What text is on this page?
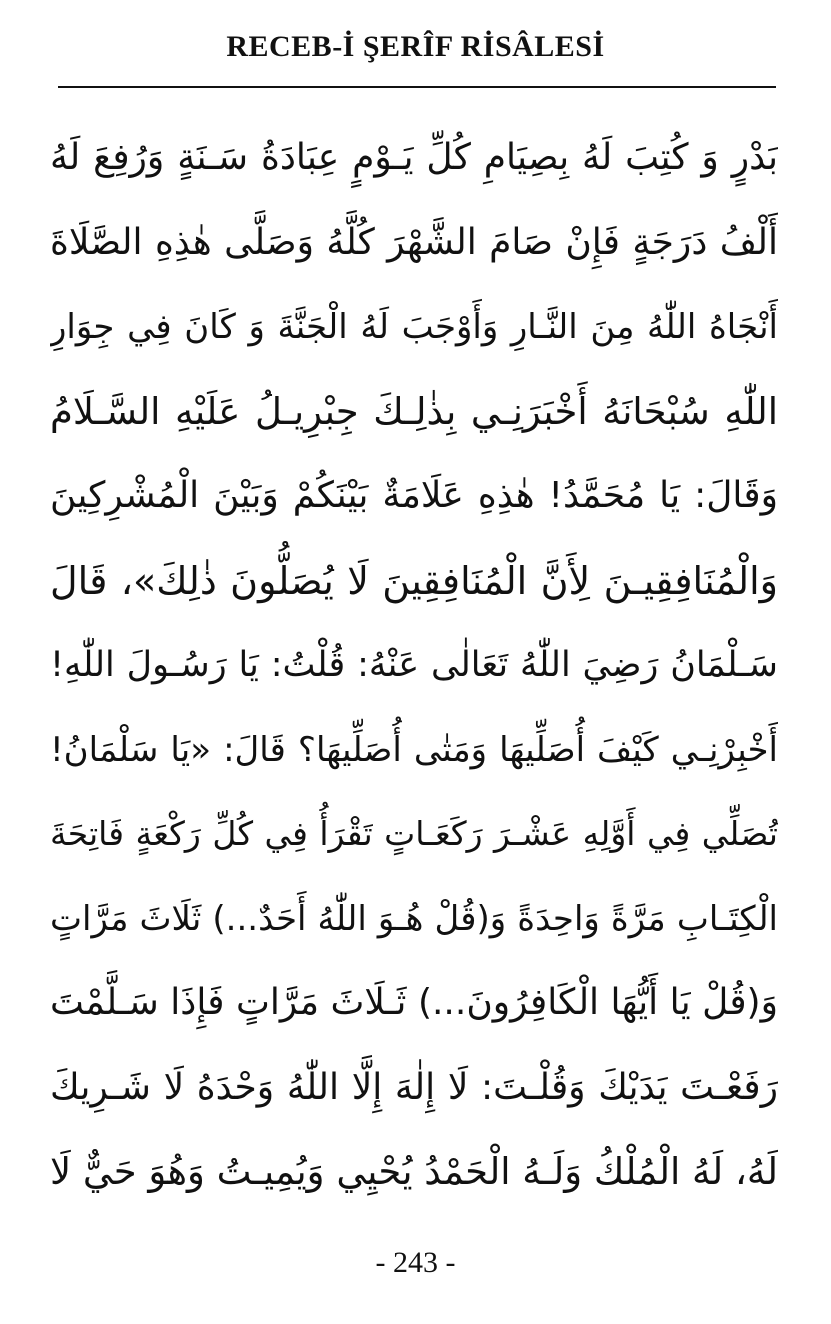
RECEB-İ ŞERÎF RİSÂLESİ
بَدْرٍ وَ كُتِبَ لَهُ بِصِيَامِ كُلِّ يَـوْمٍ عِبَادَةُ سَـنَةٍ وَرُفِعَ لَهُ
أَلْفُ دَرَجَةٍ فَإِنْ صَامَ الشَّهْرَ كُلَّهُ وَصَلَّى هٰذِهِ الصَّلَاةَ
أَنْجَاهُ اللّٰهُ مِنَ النَّـارِ وَأَوْجَبَ لَهُ الْجَنَّةَ وَ كَانَ فِي جِوَارِ
اللّٰهِ سُبْحَانَهُ أَخْبَرَنِـي بِذٰلِـكَ جِبْرِيـلُ عَلَيْهِ السَّـلَامُ
وَقَالَ: يَا مُحَمَّدُ! هٰذِهِ عَلَامَةٌ بَيْنَكُمْ وَبَيْنَ الْمُشْرِكِينَ
وَالْمُنَافِقِيـنَ لِأَنَّ الْمُنَافِقِينَ لَا يُصَلُّونَ ذٰلِكَ»، قَالَ
سَـلْمَانُ رَضِيَ اللّٰهُ تَعَالٰى عَنْهُ: قُلْتُ: يَا رَسُـولَ اللّٰهِ!
أَخْبِرْنِـي كَيْفَ أُصَلِّيهَا وَمَتٰى أُصَلِّيهَا؟ قَالَ: «يَا سَلْمَانُ!
تُصَلِّي فِي أَوَّلِهِ عَشْـرَ رَكَعَـاتٍ تَقْرَأُ فِي كُلِّ رَكْعَةٍ فَاتِحَةَ
الْكِتَـابِ مَرَّةً وَاحِدَةً وَ(قُلْ هُـوَ اللّٰهُ أَحَدٌ...) ثَلَاثَ مَرَّاتٍ
وَ(قُلْ يَا أَيُّهَا الْكَافِرُونَ...) ثَـلَاثَ مَرَّاتٍ فَإِذَا سَـلَّمْتَ
رَفَعْـتَ يَدَيْكَ وَقُلْـتَ: لَا إِلٰهَ إِلَّا اللّٰهُ وَحْدَهُ لَا شَـرِيكَ
لَهُ، لَهُ الْمُلْكُ وَلَـهُ الْحَمْدُ يُحْيِي وَيُمِيـتُ وَهُوَ حَيٌّ لَا
- 243 -
